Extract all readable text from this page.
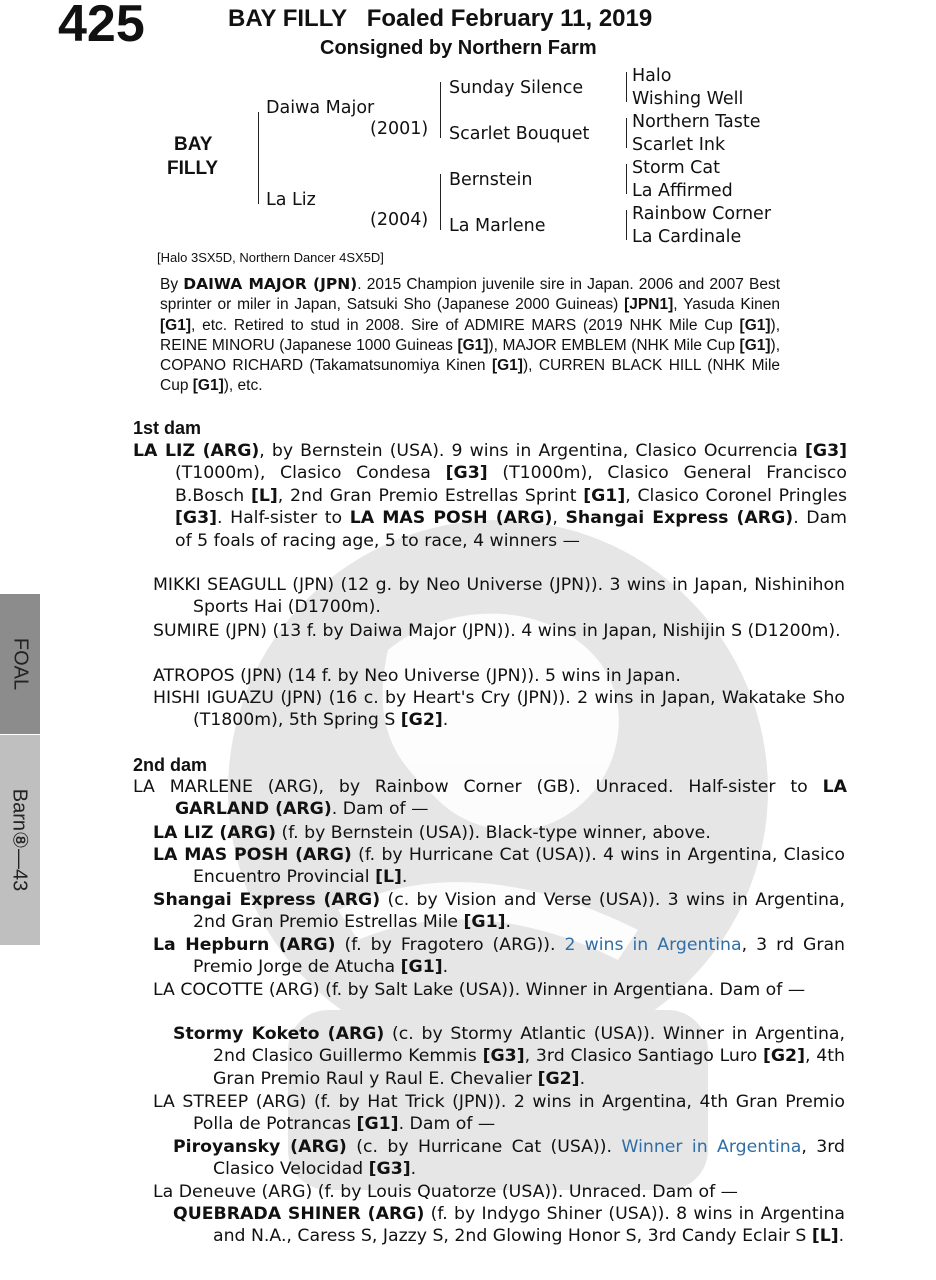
425	BAY FILLY   Foaled February 11, 2019
Consigned by Northern Farm
BAY
FILLY
Daiwa Major
(2001)
La Liz
(2004)
Sunday Silence
Scarlet Bouquet
Bernstein
La Marlene
Halo
Wishing Well
Northern Taste
Scarlet Ink
Storm Cat
La Affirmed
Rainbow Corner
La Cardinale
[Halo 3SX5D, Northern Dancer 4SX5D]
By DAIWA MAJOR (JPN). 2015 Champion juvenile sire in Japan. 2006 and 2007 Best sprinter or miler in Japan, Satsuki Sho (Japanese 2000 Guineas) [JPN1], Yasuda Kinen [G1], etc. Retired to stud in 2008. Sire of ADMIRE MARS (2019 NHK Mile Cup [G1]), REINE MINORU (Japanese 1000 Guineas [G1]), MAJOR EMBLEM (NHK Mile Cup [G1]), COPANO RICHARD (Takamatsunomiya Kinen [G1]), CURREN BLACK HILL (NHK Mile Cup [G1]), etc.
1st dam
LA LIZ (ARG), by Bernstein (USA). 9 wins in Argentina, Clasico Ocurrencia [G3] (T1000m), Clasico Condesa [G3] (T1000m), Clasico General Francisco B.Bosch [L], 2nd Gran Premio Estrellas Sprint [G1], Clasico Coronel Pringles [G3]. Half-sister to LA MAS POSH (ARG), Shangai Express (ARG). Dam of 5 foals of racing age, 5 to race, 4 winners —
MIKKI SEAGULL (JPN) (12 g. by Neo Universe (JPN)). 3 wins in Japan, Nishinihon Sports Hai (D1700m).
SUMIRE (JPN) (13 f. by Daiwa Major (JPN)). 4 wins in Japan, Nishijin S (D1200m).
ATROPOS (JPN) (14 f. by Neo Universe (JPN)). 5 wins in Japan.
HISHI IGUAZU (JPN) (16 c. by Heart's Cry (JPN)). 2 wins in Japan, Wakatake Sho (T1800m), 5th Spring S [G2].
2nd dam
LA MARLENE (ARG), by Rainbow Corner (GB). Unraced. Half-sister to LA GARLAND (ARG). Dam of —
LA LIZ (ARG) (f. by Bernstein (USA)). Black-type winner, above.
LA MAS POSH (ARG) (f. by Hurricane Cat (USA)). 4 wins in Argentina, Clasico Encuentro Provincial [L].
Shangai Express (ARG) (c. by Vision and Verse (USA)). 3 wins in Argentina, 2nd Gran Premio Estrellas Mile [G1].
La Hepburn (ARG) (f. by Fragotero (ARG)). 2 wins in Argentina, 3 rd Gran Premio Jorge de Atucha [G1].
LA COCOTTE (ARG) (f. by Salt Lake (USA)). Winner in Argentiana. Dam of —
Stormy Koketo (ARG) (c. by Stormy Atlantic (USA)). Winner in Argentina, 2nd Clasico Guillermo Kemmis [G3], 3rd Clasico Santiago Luro [G2], 4th Gran Premio Raul y Raul E. Chevalier [G2].
LA STREEP (ARG) (f. by Hat Trick (JPN)). 2 wins in Argentina, 4th Gran Premio Polla de Potrancas [G1]. Dam of —
Piroyansky (ARG) (c. by Hurricane Cat (USA)). Winner in Argentina, 3rd Clasico Velocidad [G3].
La Deneuve (ARG) (f. by Louis Quatorze (USA)). Unraced. Dam of —
QUEBRADA SHINER (ARG) (f. by Indygo Shiner (USA)). 8 wins in Argentina and N.A., Caress S, Jazzy S, 2nd Glowing Honor S, 3rd Candy Eclair S [L].
FOAL
Barn⑧—43
